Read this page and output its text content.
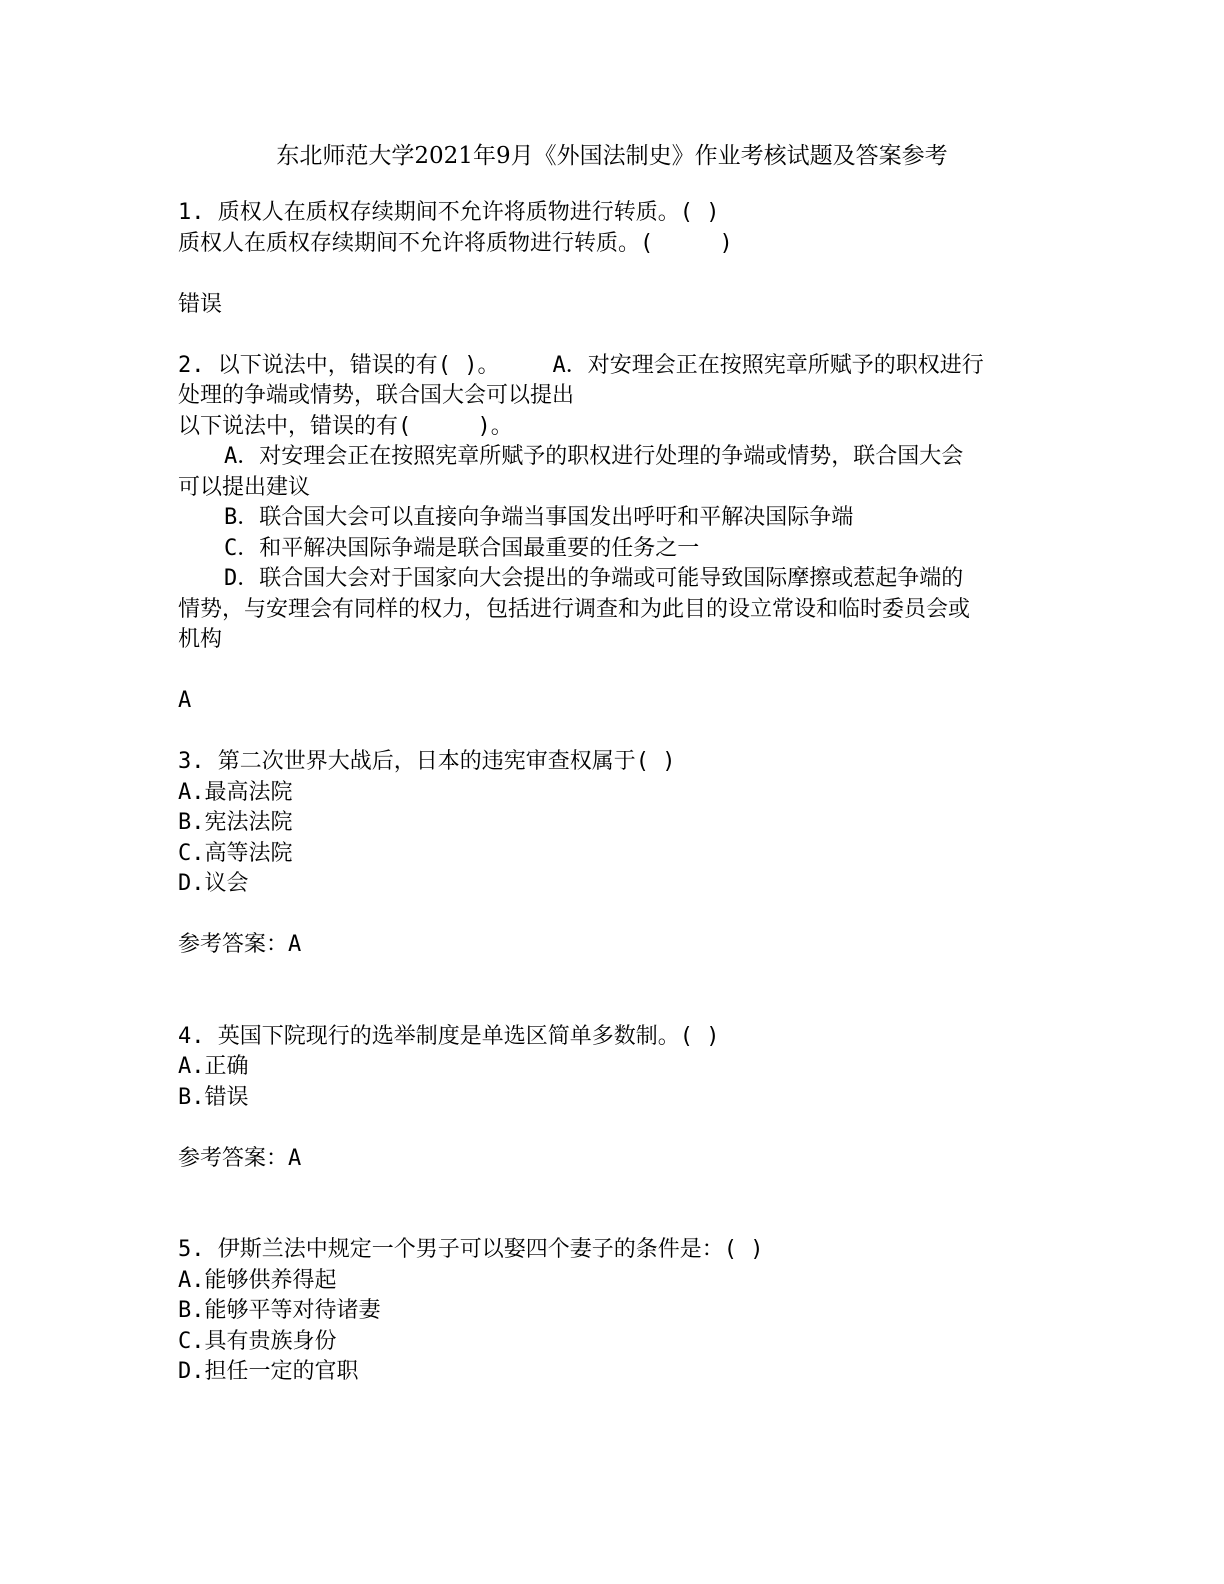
东北师范大学2021年9月《外国法制史》作业考核试题及答案参考
1. 质权人在质权存续期间不允许将质物进行转质。( )
质权人在质权存续期间不允许将质物进行转质。(     )
错误
2. 以下说法中，错误的有( )。    A．对安理会正在按照宪章所赋予的职权进行
处理的争端或情势，联合国大会可以提出
以下说法中，错误的有(     )。
A．对安理会正在按照宪章所赋予的职权进行处理的争端或情势，联合国大会
可以提出建议
B．联合国大会可以直接向争端当事国发出呼吁和平解决国际争端
C．和平解决国际争端是联合国最重要的任务之一
D．联合国大会对于国家向大会提出的争端或可能导致国际摩擦或惹起争端的
情势，与安理会有同样的权力，包括进行调查和为此目的设立常设和临时委员会或
机构
A
3. 第二次世界大战后，日本的违宪审查权属于( )
A.最高法院
B.宪法法院
C.高等法院
D.议会
参考答案：A
4. 英国下院现行的选举制度是单选区简单多数制。( )
A.正确
B.错误
参考答案：A
5. 伊斯兰法中规定一个男子可以娶四个妻子的条件是：( )
A.能够供养得起
B.能够平等对待诸妻
C.具有贵族身份
D.担任一定的官职
